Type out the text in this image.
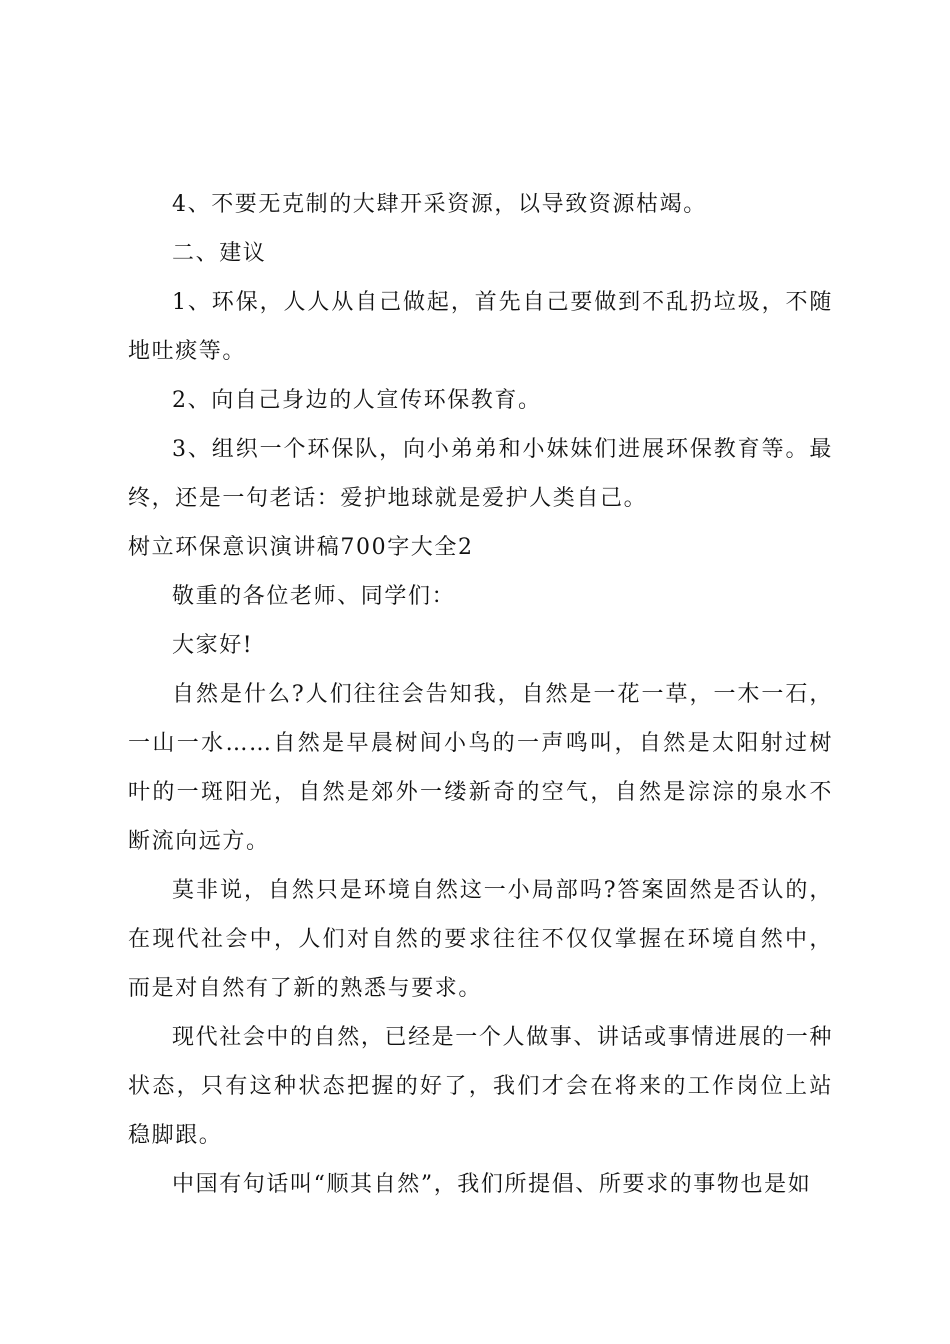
4、不要无克制的大肆开采资源，以导致资源枯竭。

二、建议

1、环保，人人从自己做起，首先自己要做到不乱扔垃圾，不随地吐痰等。

2、向自己身边的人宣传环保教育。

3、组织一个环保队，向小弟弟和小妹妹们进展环保教育等。最终，还是一句老话：爱护地球就是爱护人类自己。

树立环保意识演讲稿700字大全2

敬重的各位老师、同学们：

大家好!

自然是什么?人们往往会告知我，自然是一花一草，一木一石，一山一水……自然是早晨树间小鸟的一声鸣叫，自然是太阳射过树叶的一斑阳光，自然是郊外一缕新奇的空气，自然是淙淙的泉水不断流向远方。

莫非说，自然只是环境自然这一小局部吗?答案固然是否认的，在现代社会中，人们对自然的要求往往不仅仅掌握在环境自然中，而是对自然有了新的熟悉与要求。

现代社会中的自然，已经是一个人做事、讲话或事情进展的一种状态，只有这种状态把握的好了，我们才会在将来的工作岗位上站稳脚跟。

中国有句话叫“顺其自然”，我们所提倡、所要求的事物也是如
